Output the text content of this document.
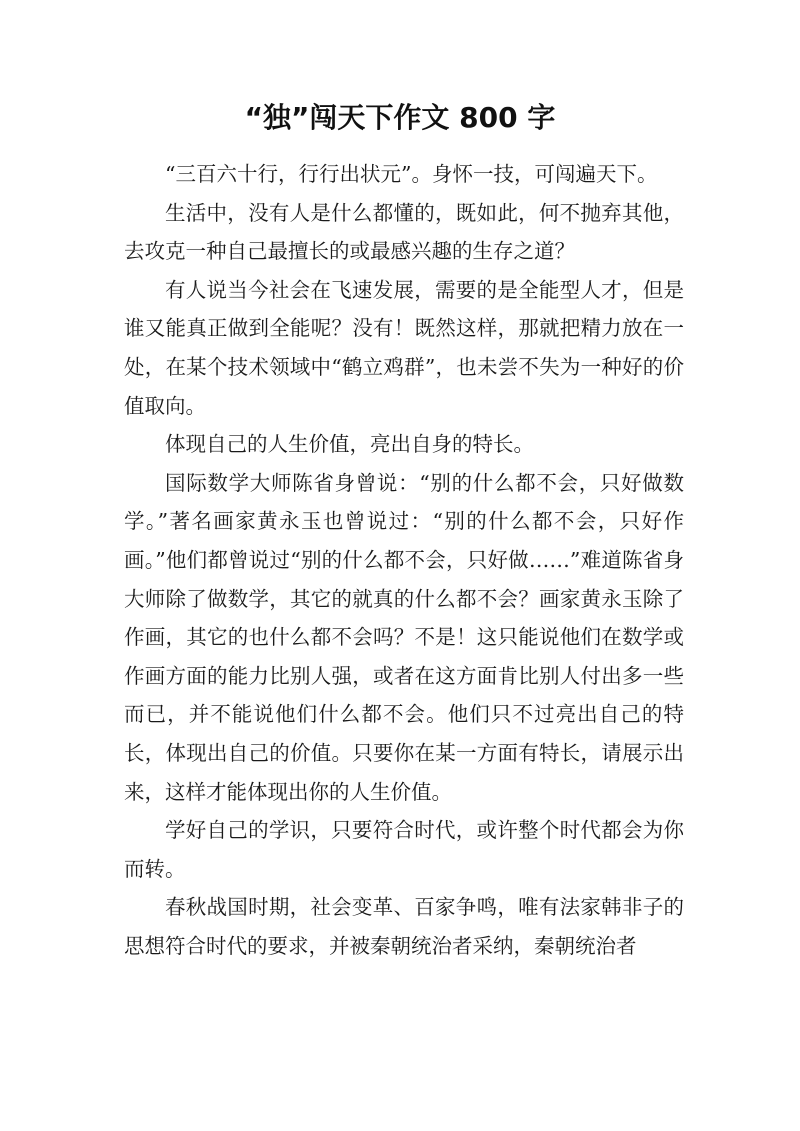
“独”闯天下作文 800 字

“三百六十行，行行出状元”。身怀一技，可闯遍天下。

生活中，没有人是什么都懂的，既如此，何不抛弃其他，去攻克一种自己最擅长的或最感兴趣的生存之道？

有人说当今社会在飞速发展，需要的是全能型人才，但是谁又能真正做到全能呢？没有！既然这样，那就把精力放在一处，在某个技术领域中“鹤立鸡群”，也未尝不失为一种好的价值取向。

体现自己的人生价值，亮出自身的特长。

国际数学大师陈省身曾说：“别的什么都不会，只好做数学。”著名画家黄永玉也曾说过：“别的什么都不会，只好作画。”他们都曾说过“别的什么都不会，只好做……”难道陈省身大师除了做数学，其它的就真的什么都不会？画家黄永玉除了作画，其它的也什么都不会吗？不是！这只能说他们在数学或作画方面的能力比别人强，或者在这方面肯比别人付出多一些而已，并不能说他们什么都不会。他们只不过亮出自己的特长，体现出自己的价值。只要你在某一方面有特长，请展示出来，这样才能体现出你的人生价值。

学好自己的学识，只要符合时代，或许整个时代都会为你而转。

春秋战国时期，社会变革、百家争鸣，唯有法家韩非子的思想符合时代的要求，并被秦朝统治者采纳，秦朝统治者
